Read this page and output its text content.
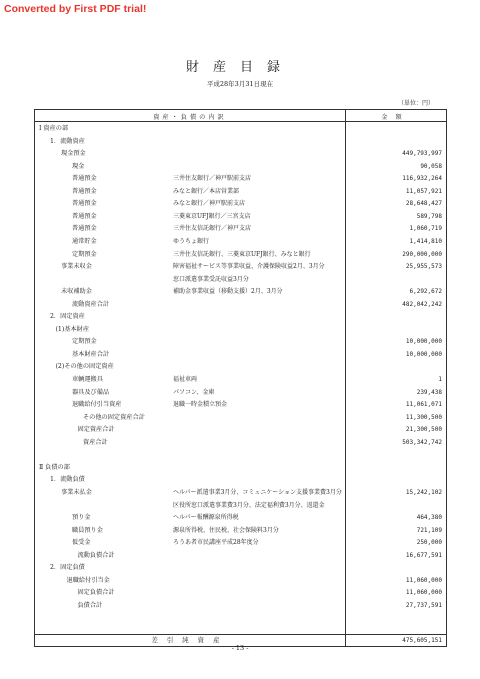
Converted by First PDF trial!
財産目録
平成28年3月31日現在
（単位：円）
資産・負債の内訳	金額
Ⅰ 資産の部
1．流動資産
現金預金	449,793,997
現金	90,058
普通預金	三井住友銀行／神戸駅前支店	116,932,264
普通預金	みなと銀行／本店営業部	11,057,921
普通預金	みなと銀行／神戸駅前支店	28,648,427
普通預金	三菱東京UFJ銀行／三宮支店	589,798
普通預金	三井住友信託銀行／神戸支店	1,060,719
通常貯金	ゆうちょ銀行	1,414,810
定期預金	三井住友信託銀行、三菱東京UFJ銀行、みなと銀行	290,000,000
事業未収金	障害福祉サービス等事業収益、介護保険収益2月、3月分	25,955,573
窓口派遣事業受託収益3月分
未収補助金	補助金事業収益（移動支援）2月、3月分	6,292,672
流動資産合計	482,042,242
2．固定資産
(1)基本財産
定期預金	10,000,000
基本財産合計	10,000,000
(2)その他の固定資産
車輌運搬具	福祉車両	1
器具及び備品	パソコン、金庫	239,438
退職給付引当資産	退職一時金積立預金	11,061,071
その他の固定資産合計	11,300,500
固定資産合計	21,300,500
資産合計	503,342,742
Ⅱ 負債の部
1．流動負債
事業未払金	ヘルパー派遣事業3月分、コミュニケーション支援事業費3月分	15,242,102
区役所窓口派遣事業費3月分、法定福利費3月分、返還金
預り金	ヘルパー報酬源泉所得税	464,380
職員預り金	源泉所得税、住民税、社会保険料3月分	721,109
仮受金	ろうあ者市民講座平成28年度分	250,000
流動負債合計	16,677,591
2．固定負債
退職給付引当金	11,060,000
固定負債合計	11,060,000
負債合計	27,737,591
差引純資産	475,605,151
- 13 -
